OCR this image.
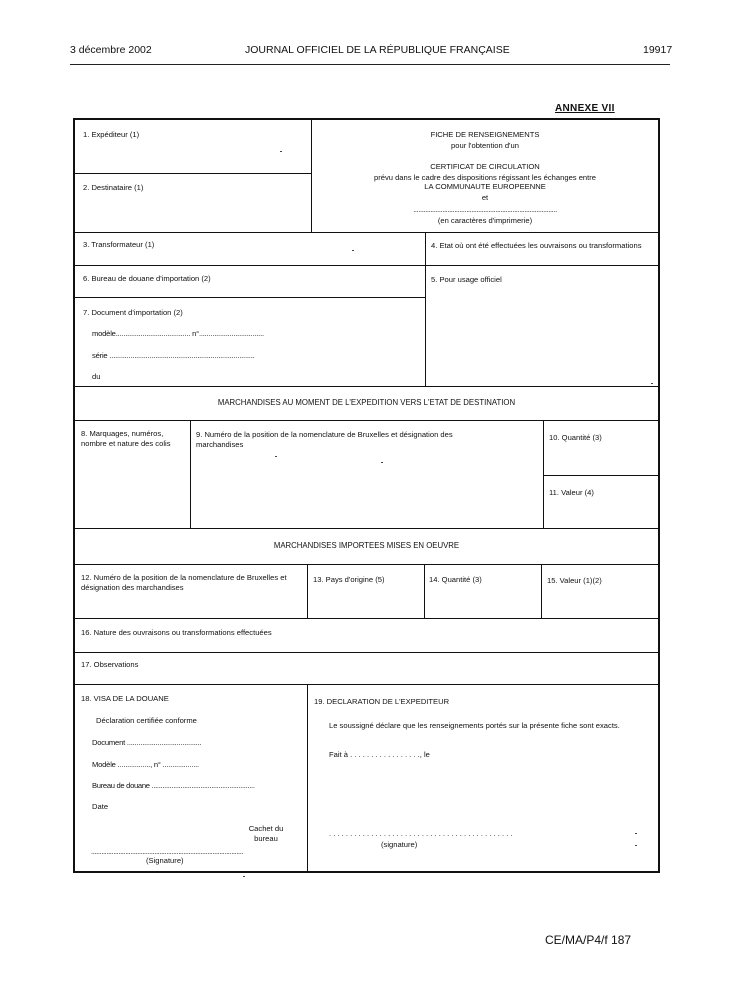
3 décembre 2002	JOURNAL OFFICIEL DE LA RÉPUBLIQUE FRANÇAISE	19917
ANNEXE VII
1. Expéditeur (1)
2. Destinataire (1)
FICHE DE RENSEIGNEMENTS
pour l'obtention d'un
CERTIFICAT DE CIRCULATION
prévu dans le cadre des dispositions régissant les échanges entre
LA COMMUNAUTE EUROPEENNE
et
....................................................................................
(en caractères d'imprimerie)
3. Transformateur (1)	4. Etat où ont été effectuées les ouvraisons ou transformations
6. Bureau de douane d'importation (2)	5. Pour usage officiel
7. Document d'importation (2)
modèle....................................... n°..................................
série ............................................................................
du
MARCHANDISES AU MOMENT DE L'EXPEDITION VERS L'ETAT DE DESTINATION
8. Marquages, numéros, nombre et nature des colis
9. Numéro de la position de la nomenclature de Bruxelles et désignation des marchandises
10. Quantité (3)
11. Valeur (4)
MARCHANDISES IMPORTEES MISES EN OEUVRE
12. Numéro de la position de la nomenclature de Bruxelles et désignation des marchandises
13. Pays d'origine (5)	14. Quantité (3)	15. Valeur (1)(2)
16. Nature des ouvraisons ou transformations effectuées
17. Observations
18. VISA DE LA DOUANE
Déclaration certifiée conforme
Document .......................................
Modèle ................., n° ...................
Bureau de douane .........................................................
Date
Cachet du bureau
.........................................................................................
(Signature)
19. DECLARATION DE L'EXPEDITEUR
Le soussigné déclare que les renseignements portés sur la présente fiche sont exacts.
Fait à . . . . . . . . . . . . . . . . ., le
. . . . . . . . . . . . . . . . . . . . . . . . . . . . . . . . . . . . . . . . . . . .
(signature)
CE/MA/P4/f 187
